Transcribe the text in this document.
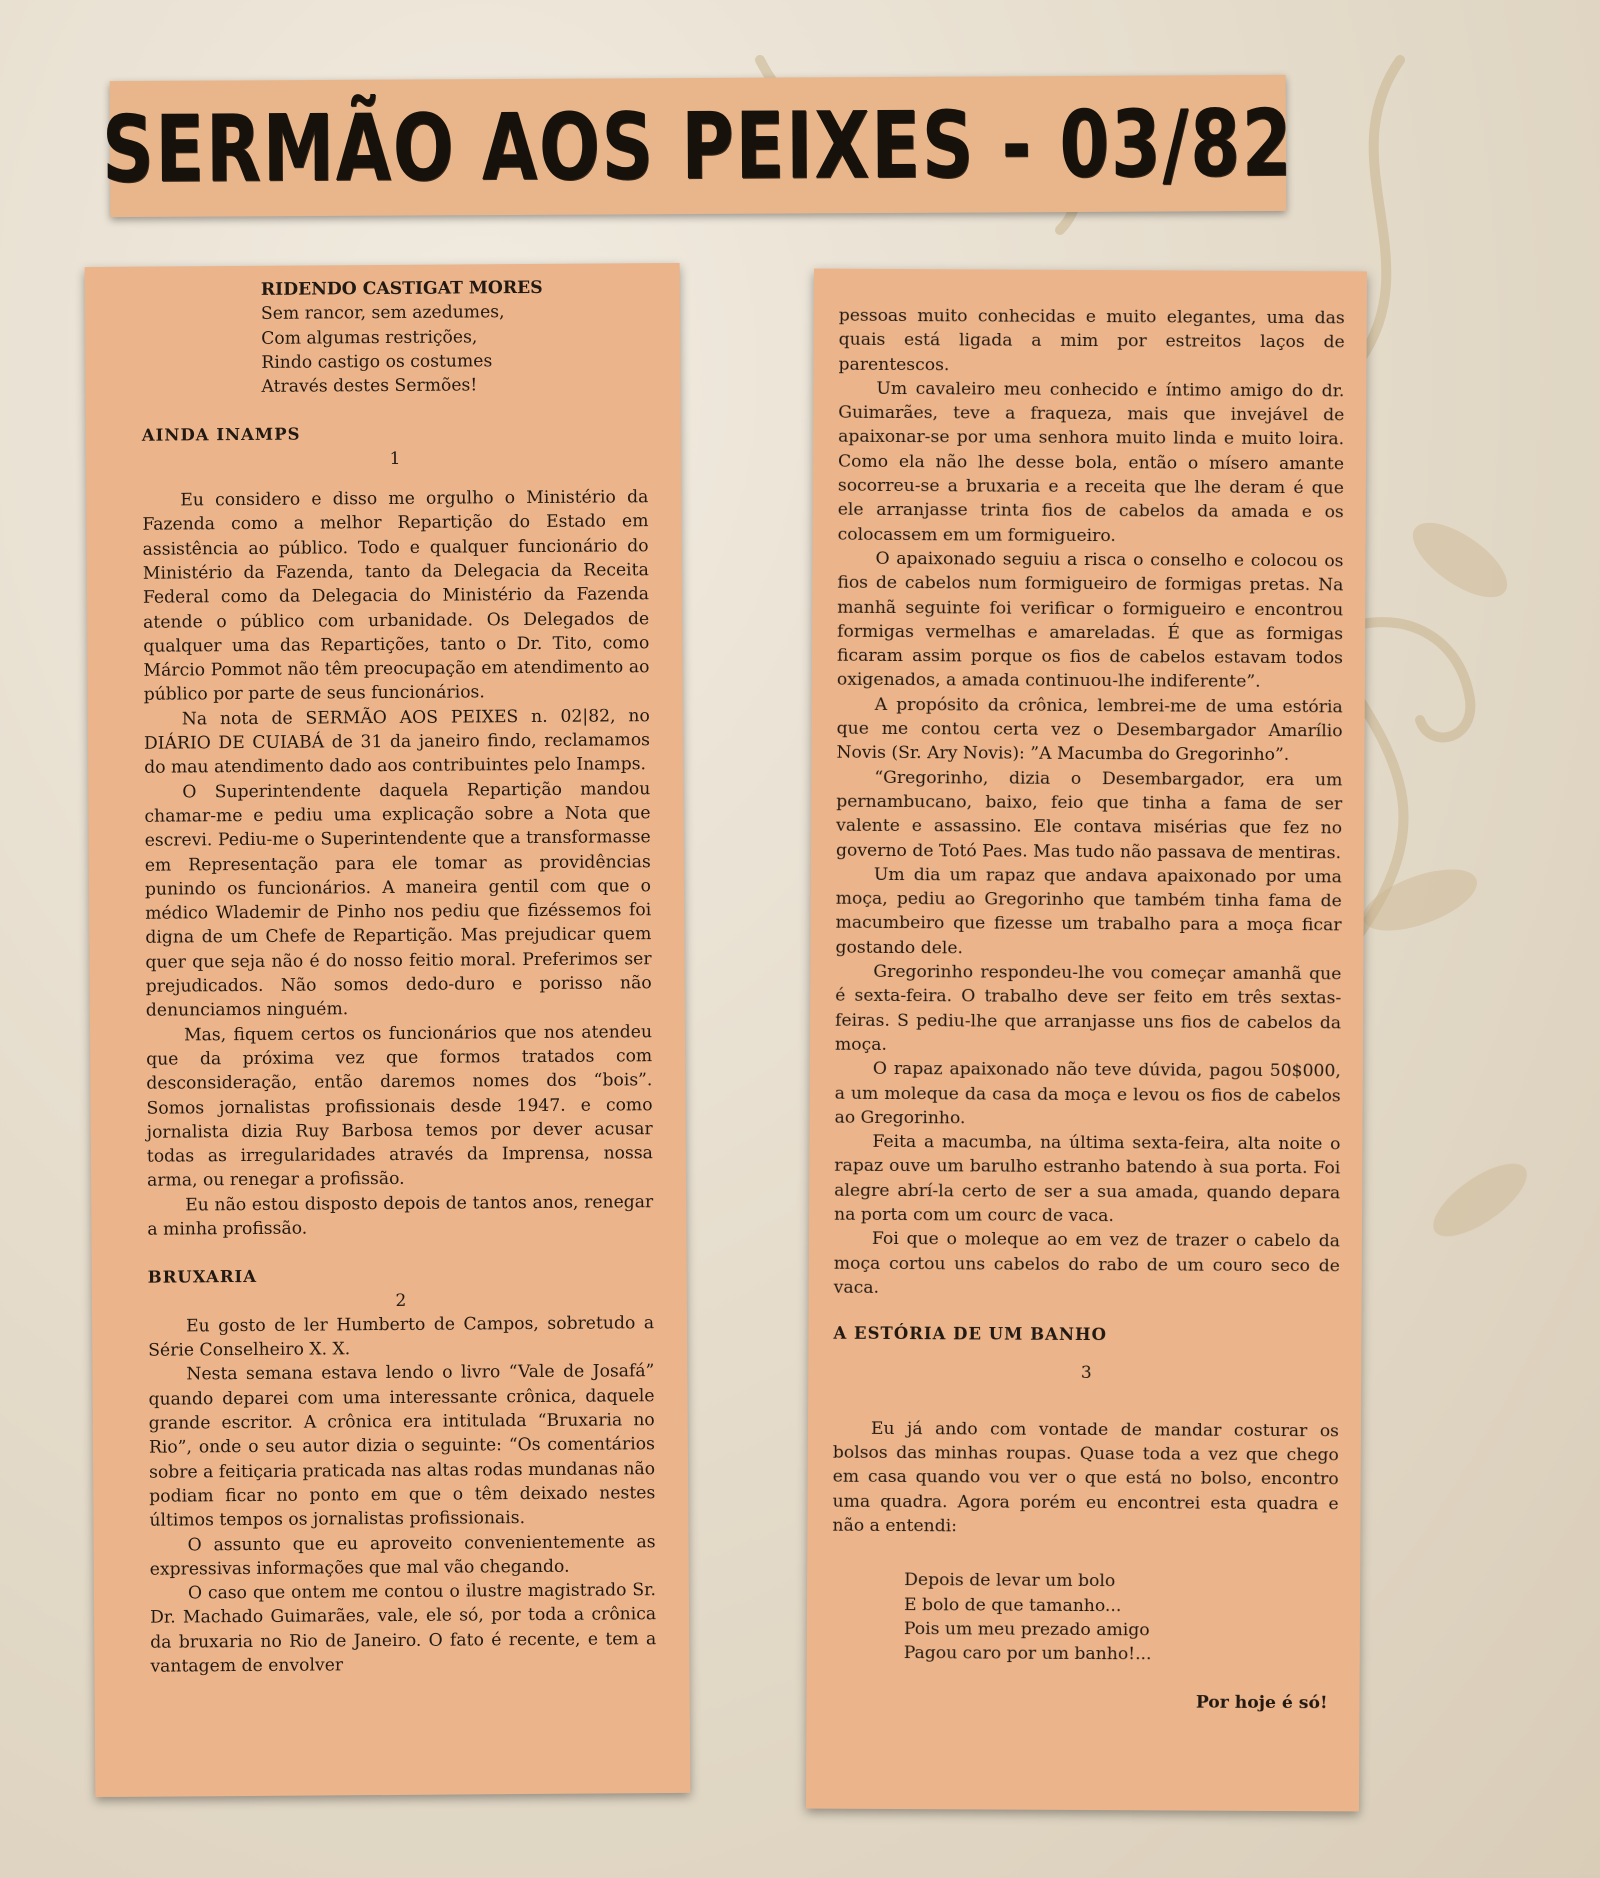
SERMÃO AOS PEIXES - 03/82
RIDENDO CASTIGAT MORES
Sem rancor, sem azedumes,
Com algumas restrições,
Rindo castigo os costumes
Através destes Sermões!
AINDA INAMPS
1

Eu considero e disso me orgulho o Ministério da Fazenda como a melhor Repartição do Estado em assistência ao público. Todo e qualquer funcionário do Ministério da Fazenda, tanto da Delegacia da Receita Federal como da Delegacia do Ministério da Fazenda atende o público com urbanidade. Os Delegados de qualquer uma das Repartições, tanto o Dr. Tito, como Márcio Pommot não têm preocupação em atendimento ao público por parte de seus funcionários.

Na nota de SERMÃO AOS PEIXES n. 02|82, no DIÁRIO DE CUIABÁ de 31 da janeiro findo, reclamamos do mau atendimento dado aos contribuintes pelo Inamps.

O Superintendente daquela Repartição mandou chamar-me e pediu uma explicação sobre a Nota que escrevi. Pediu-me o Superintendente que a transformasse em Representação para ele tomar as providências punindo os funcionários. A maneira gentil com que o médico Wlademir de Pinho nos pediu que fizéssemos foi digna de um Chefe de Repartição. Mas prejudicar quem quer que seja não é do nosso feitio moral. Preferimos ser prejudicados. Não somos dedo-duro e porisso não denunciamos ninguém.

Mas, fiquem certos os funcionários que nos atendeu que da próxima vez que formos tratados com desconsideração, então daremos nomes dos “bois”. Somos jornalistas profissionais desde 1947. e como jornalista dizia Ruy Barbosa temos por dever acusar todas as irregularidades através da Imprensa, nossa arma, ou renegar a profissão.

Eu não estou disposto depois de tantos anos, renegar a minha profissão.

BRUXARIA
2

Eu gosto de ler Humberto de Campos, sobretudo a Série Conselheiro X. X.

Nesta semana estava lendo o livro “Vale de Josafá” quando deparei com uma interessante crônica, daquele grande escritor. A crônica era intitulada “Bruxaria no Rio”, onde o seu autor dizia o seguinte: “Os comentários sobre a feitiçaria praticada nas altas rodas mundanas não podiam ficar no ponto em que o têm deixado nestes últimos tempos os jornalistas profissionais.

O assunto que eu aproveito convenientemente as expressivas informações que mal vão chegando.

O caso que ontem me contou o ilustre magistrado Sr. Dr. Machado Guimarães, vale, ele só, por toda a crônica da bruxaria no Rio de Janeiro. O fato é recente, e tem a vantagem de envolver

pessoas muito conhecidas e muito elegantes, uma das quais está ligada a mim por estreitos laços de parentescos.

Um cavaleiro meu conhecido e íntimo amigo do dr. Guimarães, teve a fraqueza, mais que invejável de apaixonar-se por uma senhora muito linda e muito loira. Como ela não lhe desse bola, então o mísero amante socorreu-se a bruxaria e a receita que lhe deram é que ele arranjasse trinta fios de cabelos da amada e os colocassem em um formigueiro.

O apaixonado seguiu a risca o conselho e colocou os fios de cabelos num formigueiro de formigas pretas. Na manhã seguinte foi verificar o formigueiro e encontrou formigas vermelhas e amareladas. É que as formigas ficaram assim porque os fios de cabelos estavam todos oxigenados, a amada continuou-lhe indiferente”.

A propósito da crônica, lembrei-me de uma estória que me contou certa vez o Desembargador Amarílio Novis (Sr. Ary Novis): ”A Macumba do Gregorinho”.

“Gregorinho, dizia o Desembargador, era um pernambucano, baixo, feio que tinha a fama de ser valente e assassino. Ele contava misérias que fez no governo de Totó Paes. Mas tudo não passava de mentiras.

Um dia um rapaz que andava apaixonado por uma moça, pediu ao Gregorinho que também tinha fama de macumbeiro que fizesse um trabalho para a moça ficar gostando dele.

Gregorinho respondeu-lhe vou começar amanhã que é sexta-feira. O trabalho deve ser feito em três sextas-feiras. S pediu-lhe que arranjasse uns fios de cabelos da moça.

O rapaz apaixonado não teve dúvida, pagou 50$000, a um moleque da casa da moça e levou os fios de cabelos ao Gregorinho.

Feita a macumba, na última sexta-feira, alta noite o rapaz ouve um barulho estranho batendo à sua porta. Foi alegre abrí-la certo de ser a sua amada, quando depara na porta com um courc de vaca.

Foi que o moleque ao em vez de trazer o cabelo da moça cortou uns cabelos do rabo de um couro seco de vaca.

A ESTÓRIA DE UM BANHO
3

Eu já ando com vontade de mandar costurar os bolsos das minhas roupas. Quase toda a vez que chego em casa quando vou ver o que está no bolso, encontro uma quadra. Agora porém eu encontrei esta quadra e não a entendi:

Depois de levar um bolo
E bolo de que tamanho...
Pois um meu prezado amigo
Pagou caro por um banho!...
Por hoje é só!
